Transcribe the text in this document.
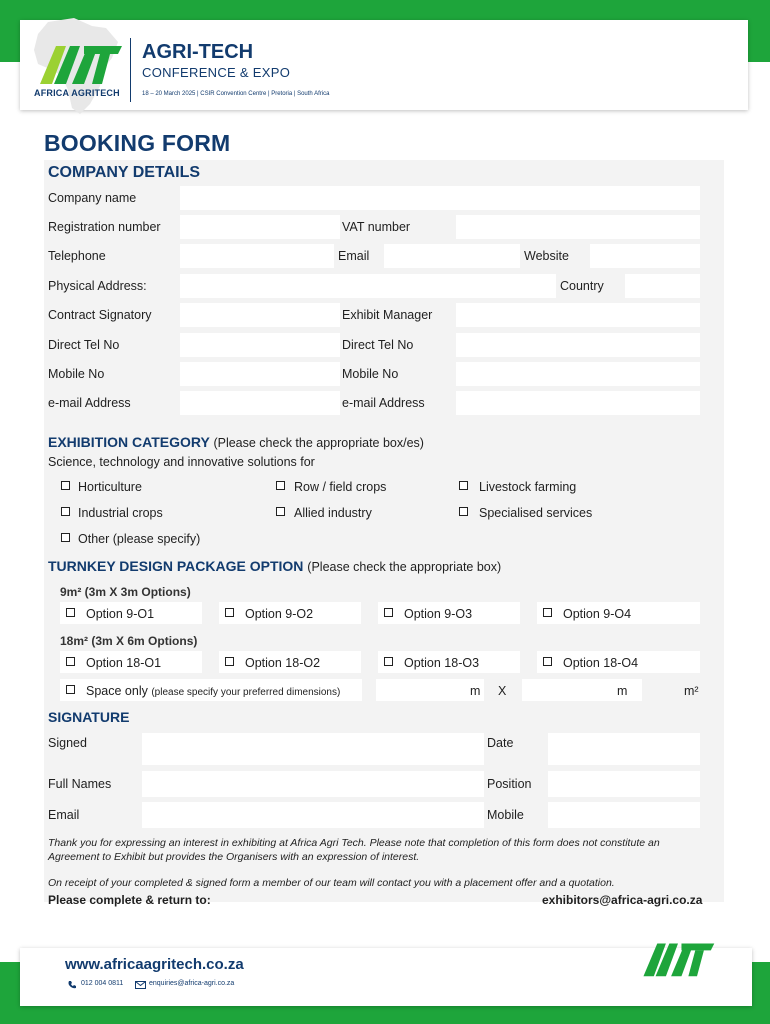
AFRICA AGRITECH
AGRI-TECH
CONFERENCE & EXPO
18 – 20 March 2025 | CSIR Convention Centre | Pretoria | South Africa
BOOKING FORM
COMPANY DETAILS
Company name
Registration number	VAT number
Telephone	Email	Website
Physical Address:	Country
Contract Signatory	Exhibit Manager
Direct Tel No	Direct Tel No
Mobile No	Mobile No
e-mail Address	e-mail Address
EXHIBITION CATEGORY (Please check the appropriate box/es)
Science, technology and innovative solutions for
Horticulture	Row / field crops	Livestock farming
Industrial crops	Allied industry	Specialised services
Other (please specify)
TURNKEY DESIGN PACKAGE OPTION (Please check the appropriate box)
9m² (3m X 3m Options)
Option 9-O1	Option 9-O2	Option 9-O3	Option 9-O4
18m² (3m X 6m Options)
Option 18-O1	Option 18-O2	Option 18-O3	Option 18-O4
Space only (please specify your preferred dimensions)	m X	m	m²
SIGNATURE
Signed	Date
Full Names	Position
Email	Mobile
Thank you for expressing an interest in exhibiting at Africa Agri Tech. Please note that completion of this form does not constitute an Agreement to Exhibit but provides the Organisers with an expression of interest.
On receipt of your completed & signed form a member of our team will contact you with a placement offer and a quotation.
Please complete & return to:	exhibitors@africa-agri.co.za
www.africaagritech.co.za
012 004 0811	enquiries@africa-agri.co.za
